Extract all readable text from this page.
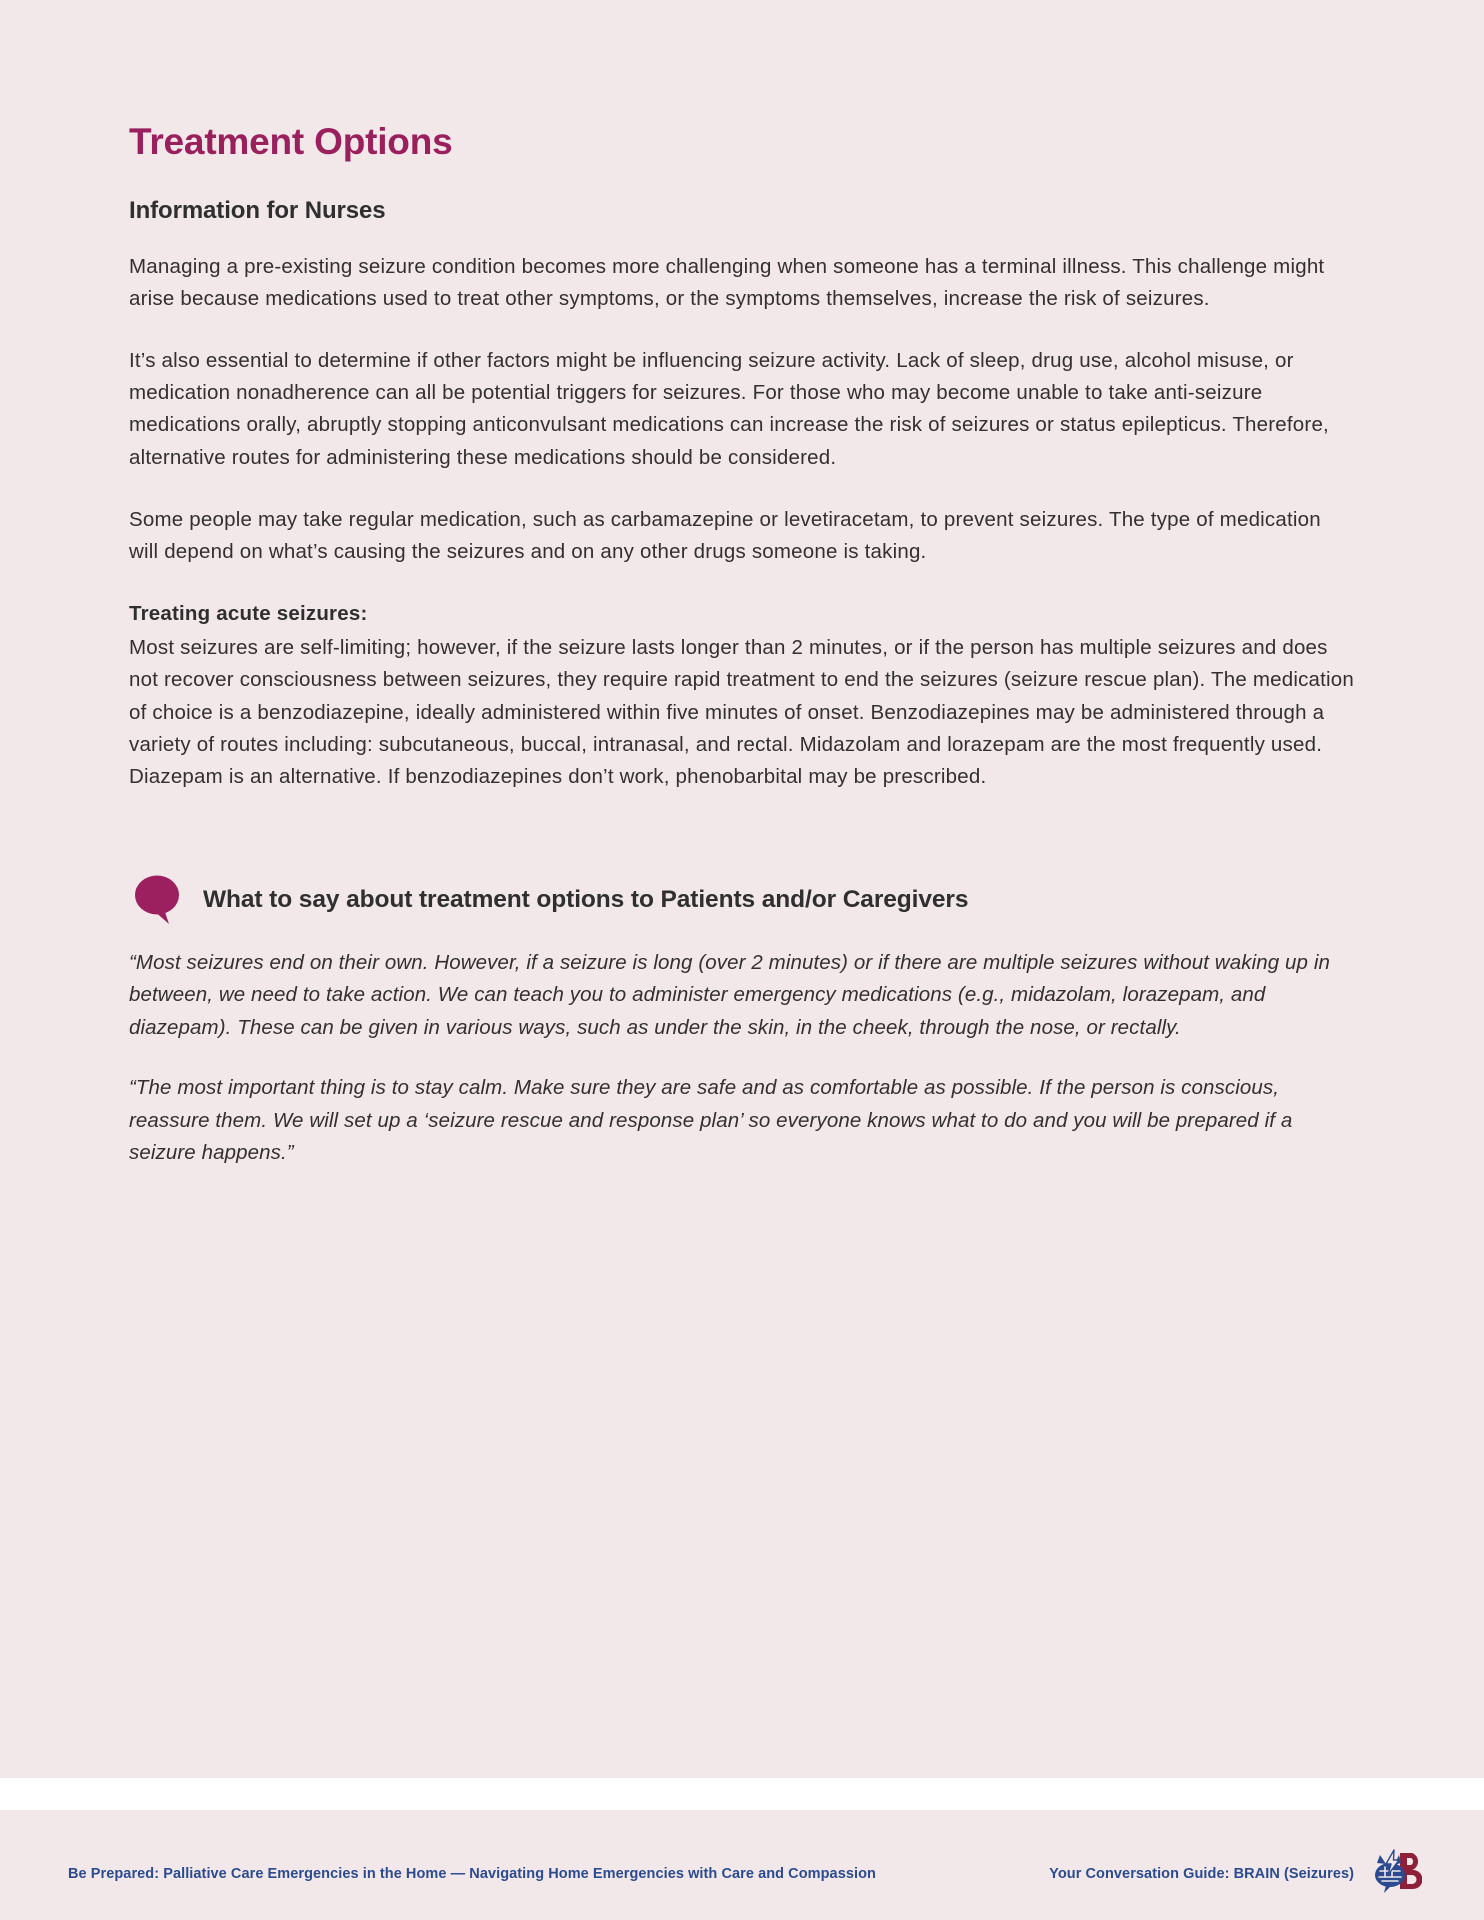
Treatment Options
Information for Nurses

Managing a pre-existing seizure condition becomes more challenging when someone has a terminal illness. This challenge might arise because medications used to treat other symptoms, or the symptoms themselves, increase the risk of seizures.

It’s also essential to determine if other factors might be influencing seizure activity. Lack of sleep, drug use, alcohol misuse, or medication nonadherence can all be potential triggers for seizures. For those who may become unable to take anti-seizure medications orally, abruptly stopping anticonvulsant medications can increase the risk of seizures or status epilepticus. Therefore, alternative routes for administering these medications should be considered.

Some people may take regular medication, such as carbamazepine or levetiracetam, to prevent seizures. The type of medication will depend on what’s causing the seizures and on any other drugs someone is taking.

Treating acute seizures:
Most seizures are self-limiting; however, if the seizure lasts longer than 2 minutes, or if the person has multiple seizures and does not recover consciousness between seizures, they require rapid treatment to end the seizures (seizure rescue plan). The medication of choice is a benzodiazepine, ideally administered within five minutes of onset. Benzodiazepines may be administered through a variety of routes including: subcutaneous, buccal, intranasal, and rectal. Midazolam and lorazepam are the most frequently used. Diazepam is an alternative. If benzodiazepines don’t work, phenobarbital may be prescribed.

What to say about treatment options to Patients and/or Caregivers

“Most seizures end on their own. However, if a seizure is long (over 2 minutes) or if there are multiple seizures without waking up in between, we need to take action. We can teach you to administer emergency medications (e.g., midazolam, lorazepam, and diazepam). These can be given in various ways, such as under the skin, in the cheek, through the nose, or rectally.

“The most important thing is to stay calm. Make sure they are safe and as comfortable as possible. If the person is conscious, reassure them. We will set up a ‘seizure rescue and response plan’ so everyone knows what to do and you will be prepared if a seizure happens.”

Be Prepared: Palliative Care Emergencies in the Home — Navigating Home Emergencies with Care and Compassion	Your Conversation Guide: BRAIN (Seizures)
